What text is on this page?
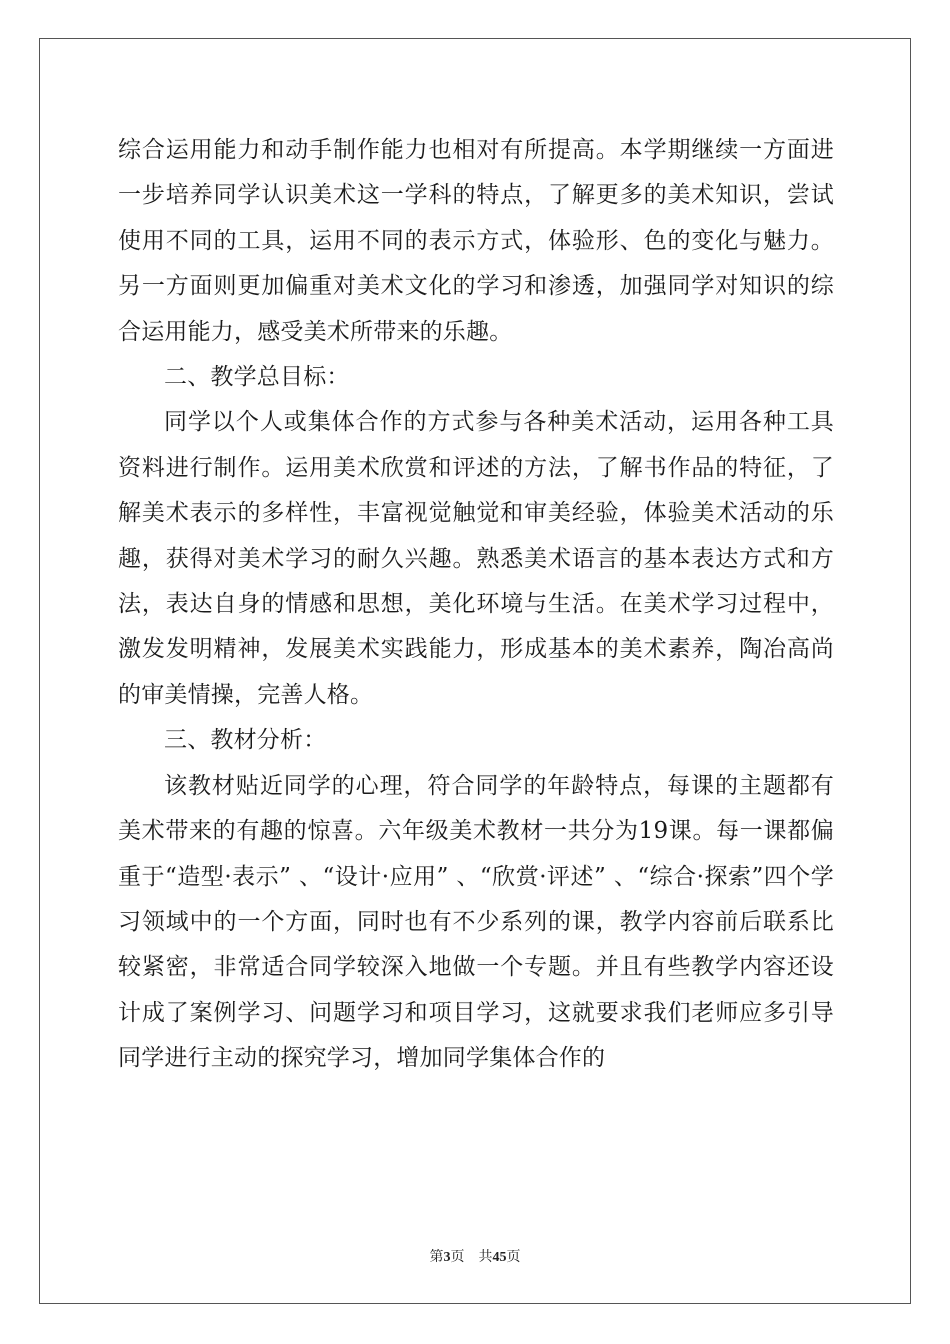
综合运用能力和动手制作能力也相对有所提高。本学期继续一方面进一步培养同学认识美术这一学科的特点，了解更多的美术知识，尝试使用不同的工具，运用不同的表示方式，体验形、色的变化与魅力。另一方面则更加偏重对美术文化的学习和渗透，加强同学对知识的综合运用能力，感受美术所带来的乐趣。

二、教学总目标：

同学以个人或集体合作的方式参与各种美术活动，运用各种工具资料进行制作。运用美术欣赏和评述的方法，了解书作品的特征，了解美术表示的多样性，丰富视觉触觉和审美经验，体验美术活动的乐趣，获得对美术学习的耐久兴趣。熟悉美术语言的基本表达方式和方法，表达自身的情感和思想，美化环境与生活。在美术学习过程中，激发发明精神，发展美术实践能力，形成基本的美术素养，陶冶高尚的审美情操，完善人格。

三、教材分析：

该教材贴近同学的心理，符合同学的年龄特点，每课的主题都有美术带来的有趣的惊喜。六年级美术教材一共分为19课。每一课都偏重于“造型·表示” 、“设计·应用” 、“欣赏·评述” 、“综合·探索”四个学习领域中的一个方面，同时也有不少系列的课，教学内容前后联系比较紧密，非常适合同学较深入地做一个专题。并且有些教学内容还设计成了案例学习、问题学习和项目学习，这就要求我们老师应多引导同学进行主动的探究学习，增加同学集体合作的

第3页 共45页
